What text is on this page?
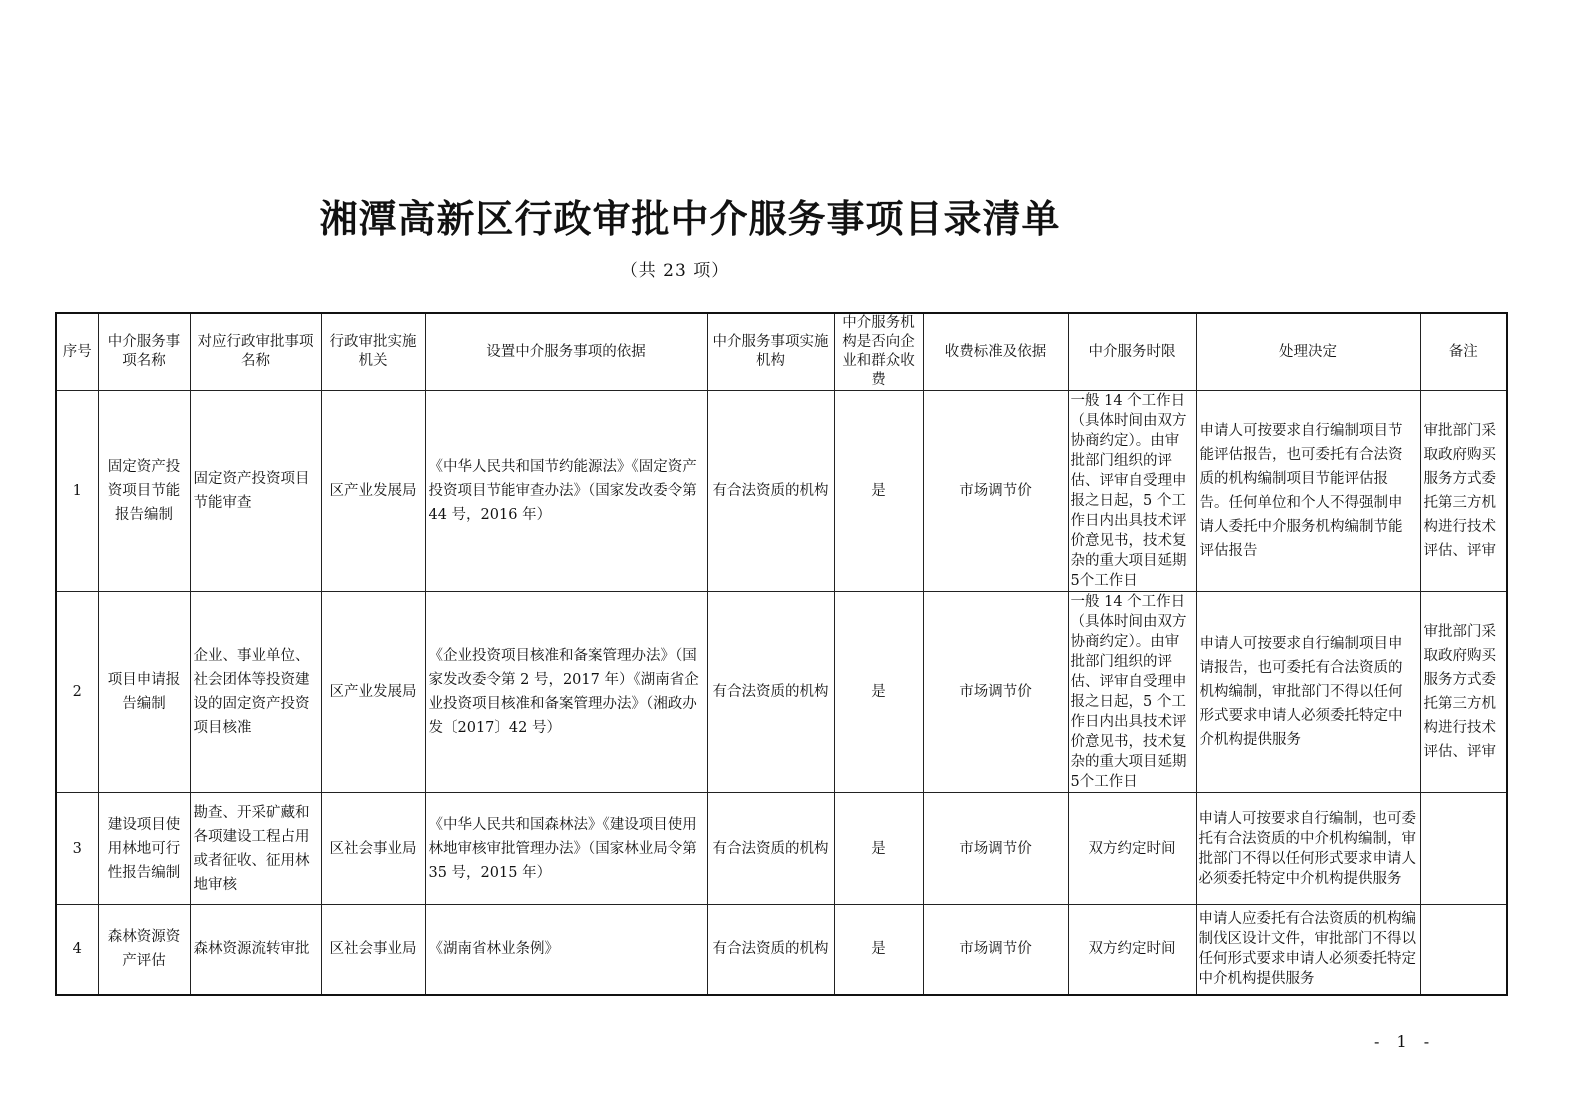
湘潭高新区行政审批中介服务事项目录清单
（共 23 项）
序号	中介服务事项名称	对应行政审批事项名称	行政审批实施机关	设置中介服务事项的依据	中介服务事项实施机构	中介服务机构是否向企业和群众收费	收费标准及依据	中介服务时限	处理决定	备注
1	固定资产投资项目节能报告编制	固定资产投资项目节能审查	区产业发展局	《中华人民共和国节约能源法》《固定资产投资项目节能审查办法》（国家发改委令第 44 号，2016 年）	有合法资质的机构	是	市场调节价	一般 14 个工作日（具体时间由双方协商约定）。由审批部门组织的评估、评审自受理申报之日起，5 个工作日内出具技术评价意见书，技术复杂的重大项目延期5个工作日	申请人可按要求自行编制项目节能评估报告，也可委托有合法资质的机构编制项目节能评估报告。任何单位和个人不得强制申请人委托中介服务机构编制节能评估报告	审批部门采取政府购买服务方式委托第三方机构进行技术评估、评审
2	项目申请报告编制	企业、事业单位、社会团体等投资建设的固定资产投资项目核准	区产业发展局	《企业投资项目核准和备案管理办法》（国家发改委令第 2 号，2017 年）《湖南省企业投资项目核准和备案管理办法》（湘政办发〔2017〕42 号）	有合法资质的机构	是	市场调节价	一般 14 个工作日（具体时间由双方协商约定）。由审批部门组织的评估、评审自受理申报之日起，5 个工作日内出具技术评价意见书，技术复杂的重大项目延期5个工作日	申请人可按要求自行编制项目申请报告，也可委托有合法资质的机构编制，审批部门不得以任何形式要求申请人必须委托特定中介机构提供服务	审批部门采取政府购买服务方式委托第三方机构进行技术评估、评审
3	建设项目使用林地可行性报告编制	勘查、开采矿藏和各项建设工程占用或者征收、征用林地审核	区社会事业局	《中华人民共和国森林法》《建设项目使用林地审核审批管理办法》（国家林业局令第 35 号，2015 年）	有合法资质的机构	是	市场调节价	双方约定时间	申请人可按要求自行编制，也可委托有合法资质的中介机构编制，审批部门不得以任何形式要求申请人必须委托特定中介机构提供服务	
4	森林资源资产评估	森林资源流转审批	区社会事业局	《湖南省林业条例》	有合法资质的机构	是	市场调节价	双方约定时间	申请人应委托有合法资质的机构编制伐区设计文件，审批部门不得以任何形式要求申请人必须委托特定中介机构提供服务	
- 1 -
